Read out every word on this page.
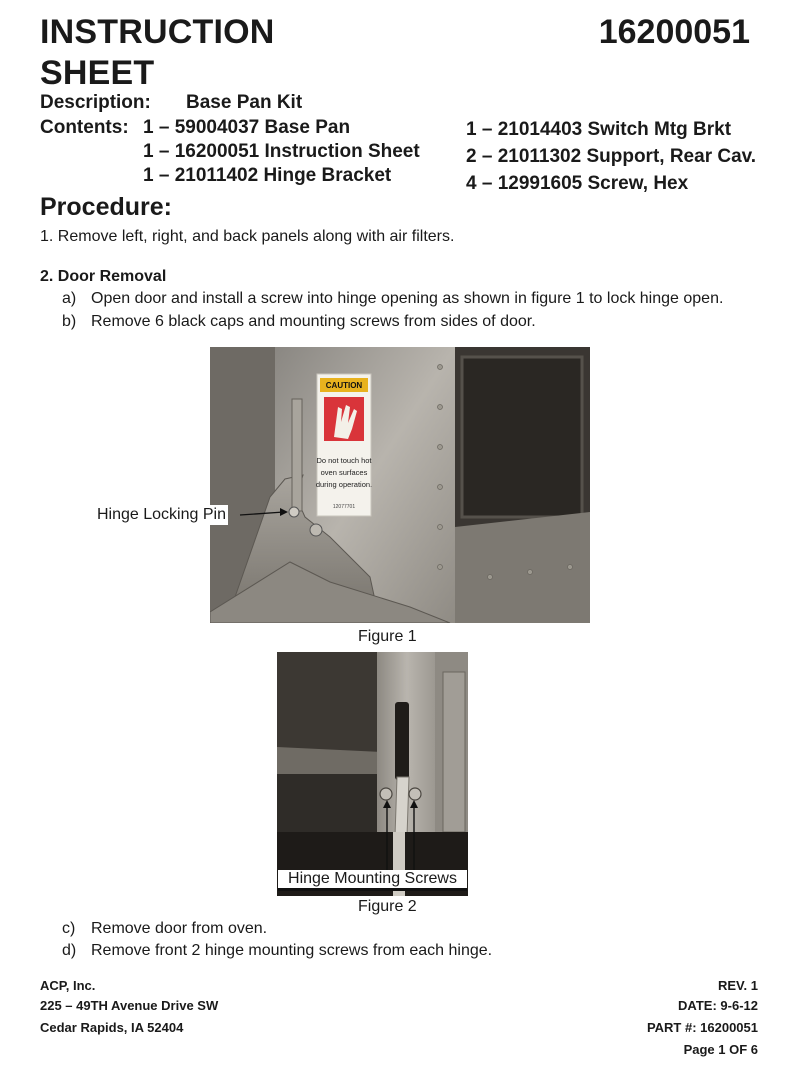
INSTRUCTION
SHEET
16200051
Description: Base Pan Kit
Contents: 1 – 59004037 Base Pan
1 – 16200051 Instruction Sheet
1 – 21011402 Hinge Bracket
1 – 21014403 Switch Mtg Brkt
2 – 21011302 Support, Rear Cav.
4 – 12991605 Screw, Hex
Procedure:
1. Remove left, right, and back panels along with air filters.
2. Door Removal
a) Open door and install a screw into hinge opening as shown in figure 1 to lock hinge open.
b) Remove 6 black caps and mounting screws from sides of door.
CAUTION
Do not touch hot
oven surfaces
during operation.
12077701
Hinge Locking Pin
Figure 1
Hinge Mounting Screws
Figure 2
c) Remove door from oven.
d) Remove front 2 hinge mounting screws from each hinge.
ACP, Inc.
225 – 49TH Avenue Drive SW
Cedar Rapids, IA 52404
REV. 1
DATE: 9-6-12
PART #: 16200051
Page 1 OF 6
